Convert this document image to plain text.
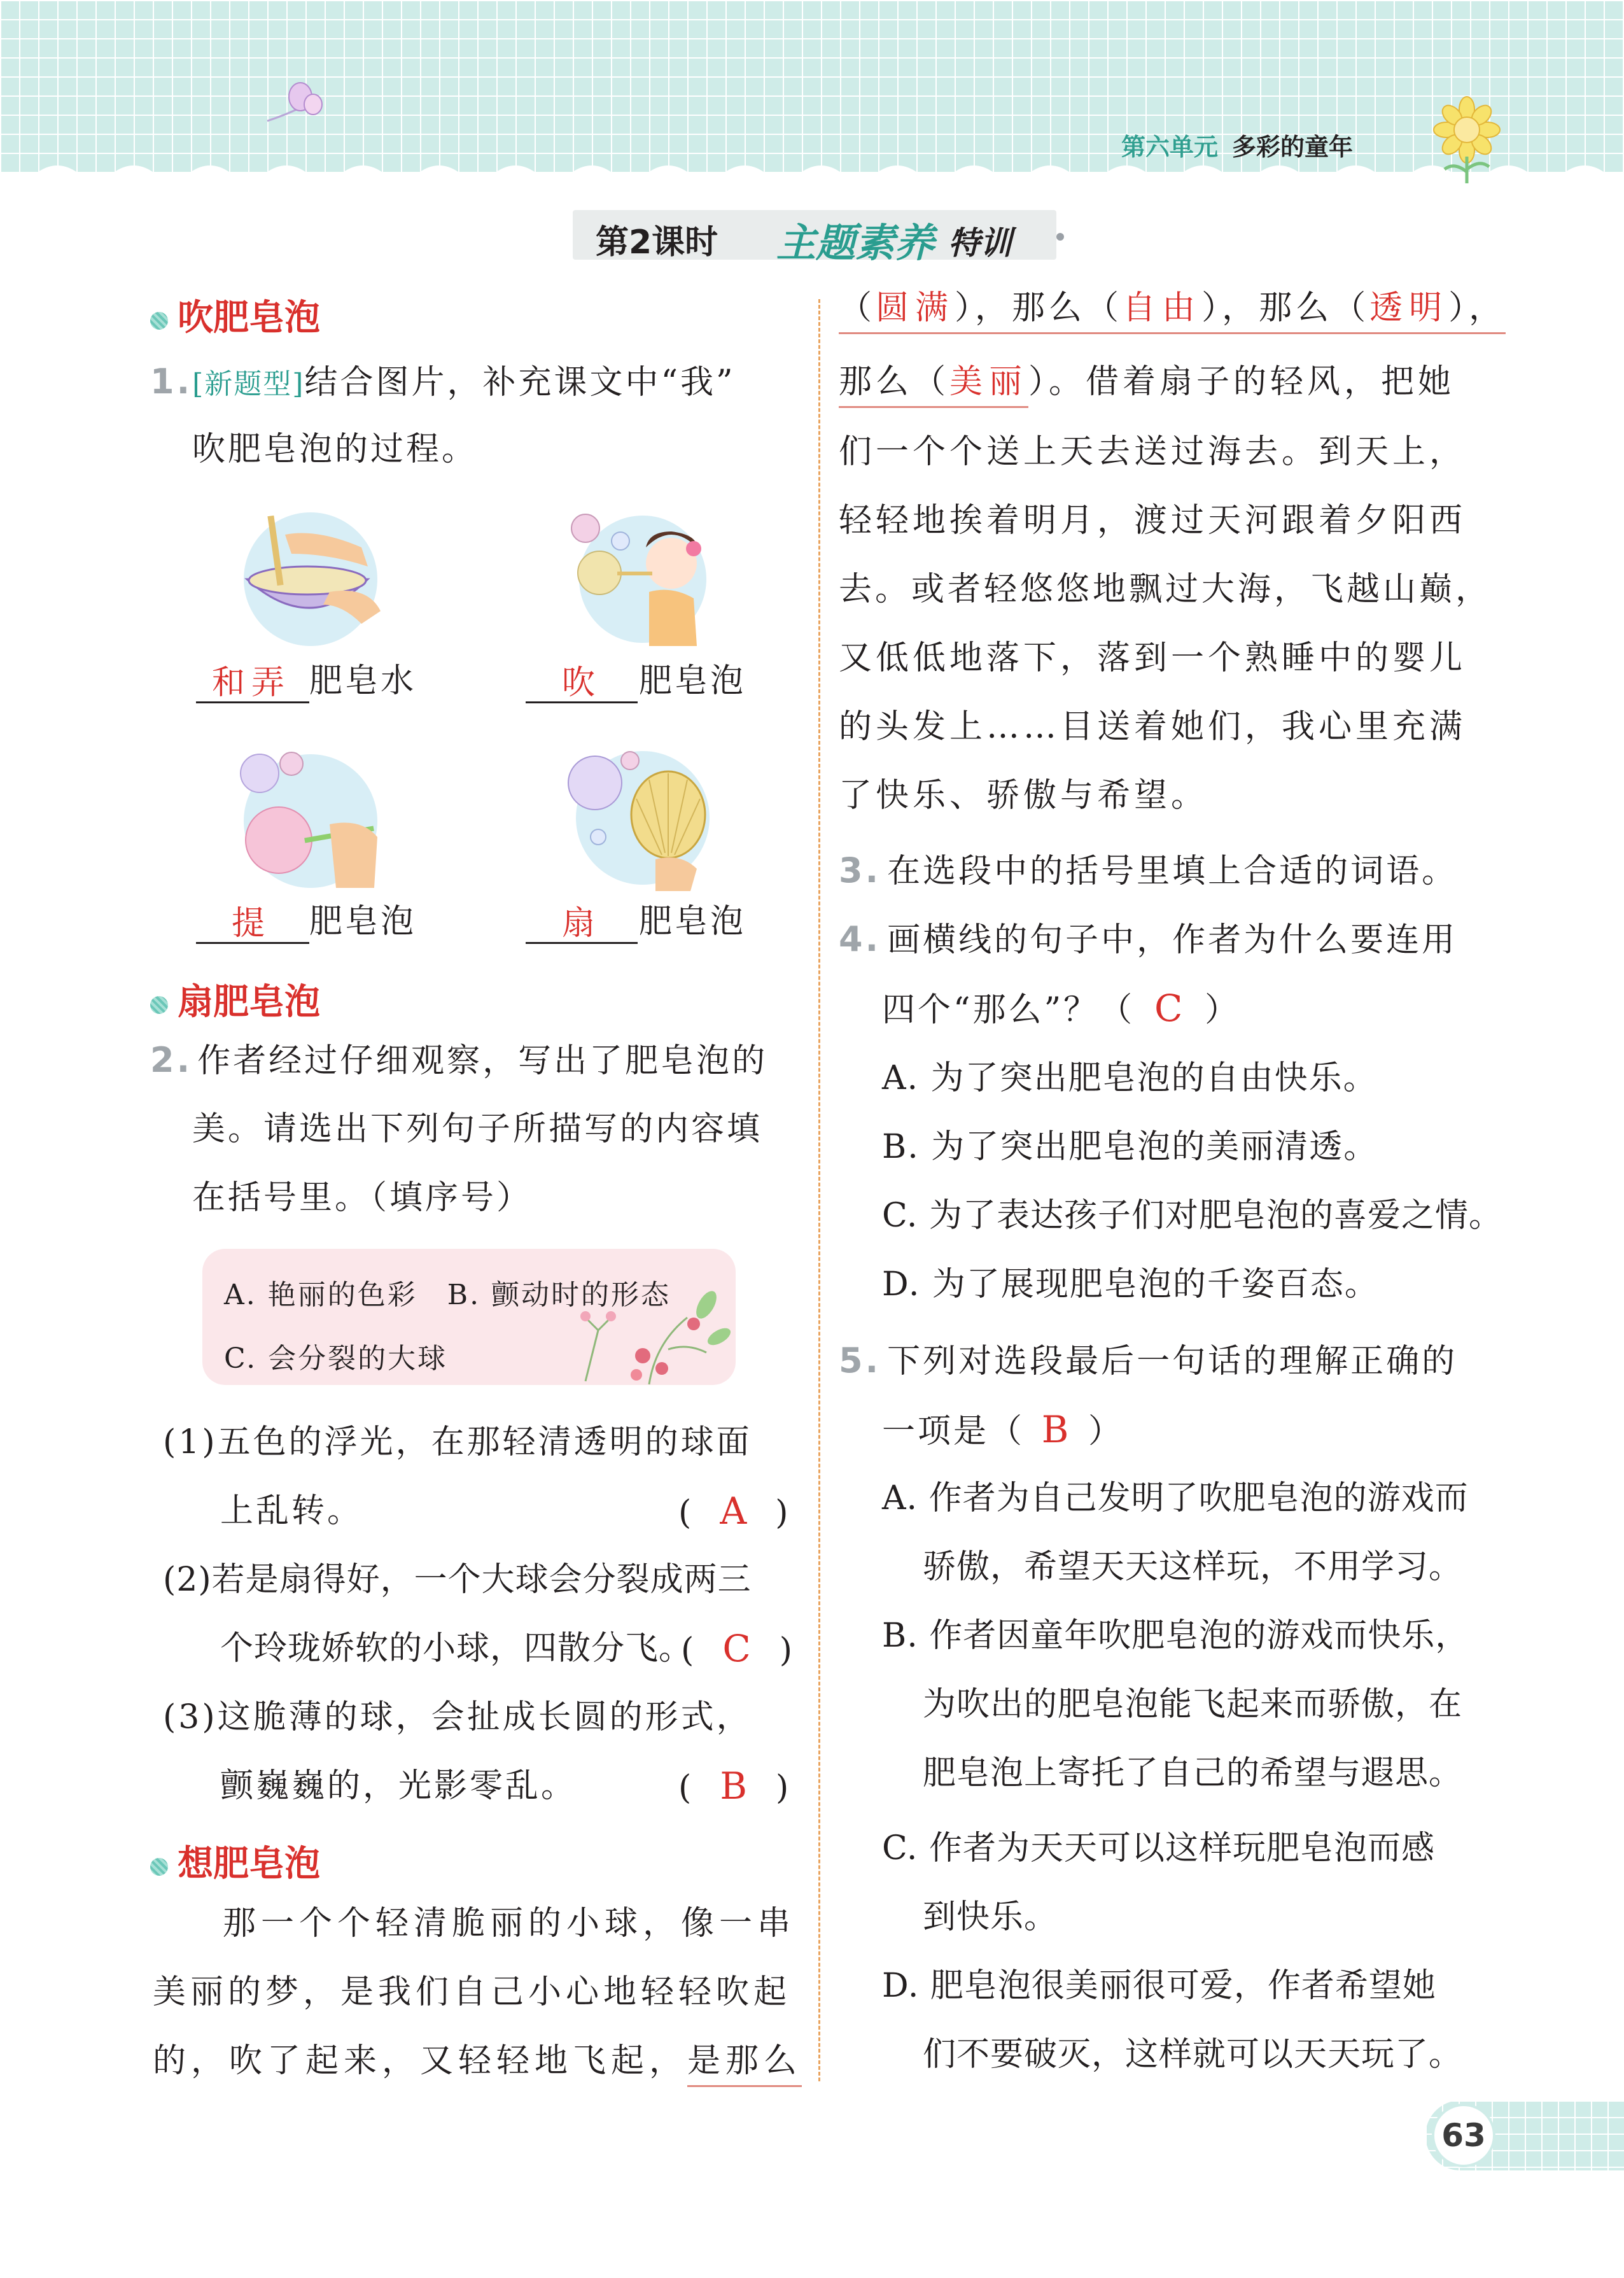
第六单元 多彩的童年
第2课时 主题素养 特训
吹肥皂泡
1.[新题型]结合图片，补充课文中“我”
吹肥皂泡的过程。
和弄 肥皂水	吹	肥皂泡
提	肥皂泡	扇	肥皂泡
扇肥皂泡
2. 作者经过仔细观察，写出了肥皂泡的
美。请选出下列句子所描写的内容填
在括号里。（填序号）
A. 艳丽的色彩　B. 颤动时的形态
C. 会分裂的大球
(1)五色的浮光，在那轻清透明的球面
上乱转。	(  A  )
(2)若是扇得好，一个大球会分裂成两三
个玲珑娇软的小球，四散分飞。
(  C  )
(3)这脆薄的球，会扯成长圆的形式，
颤巍巍的，光影零乱。	(  B  )
想肥皂泡
那一个个轻清脆丽的小球，像一串
美丽的梦，是我们自己小心地轻轻吹起
的，吹了起来，又轻轻地飞起，是那么
（圆满），那么（自由），那么（透明），
那么（美丽）。借着扇子的轻风，把她
们一个个送上天去送过海去。到天上，
轻轻地挨着明月，渡过天河跟着夕阳西
去。或者轻悠悠地飘过大海，飞越山巅，
又低低地落下，落到一个熟睡中的婴儿
的头发上……目送着她们，我心里充满
了快乐、骄傲与希望。
3. 在选段中的括号里填上合适的词语。
4. 画横线的句子中，作者为什么要连用
四个“那么”？（ C ）
A. 为了突出肥皂泡的自由快乐。
B. 为了突出肥皂泡的美丽清透。
C. 为了表达孩子们对肥皂泡的喜爱之情。
D. 为了展现肥皂泡的千姿百态。
5. 下列对选段最后一句话的理解正确的
一项是（ B ）
A. 作者为自己发明了吹肥皂泡的游戏而
骄傲，希望天天这样玩，不用学习。
B. 作者因童年吹肥皂泡的游戏而快乐，
为吹出的肥皂泡能飞起来而骄傲，在
肥皂泡上寄托了自己的希望与遐思。
C. 作者为天天可以这样玩肥皂泡而感
到快乐。
D. 肥皂泡很美丽很可爱，作者希望她
们不要破灭，这样就可以天天玩了。
63
